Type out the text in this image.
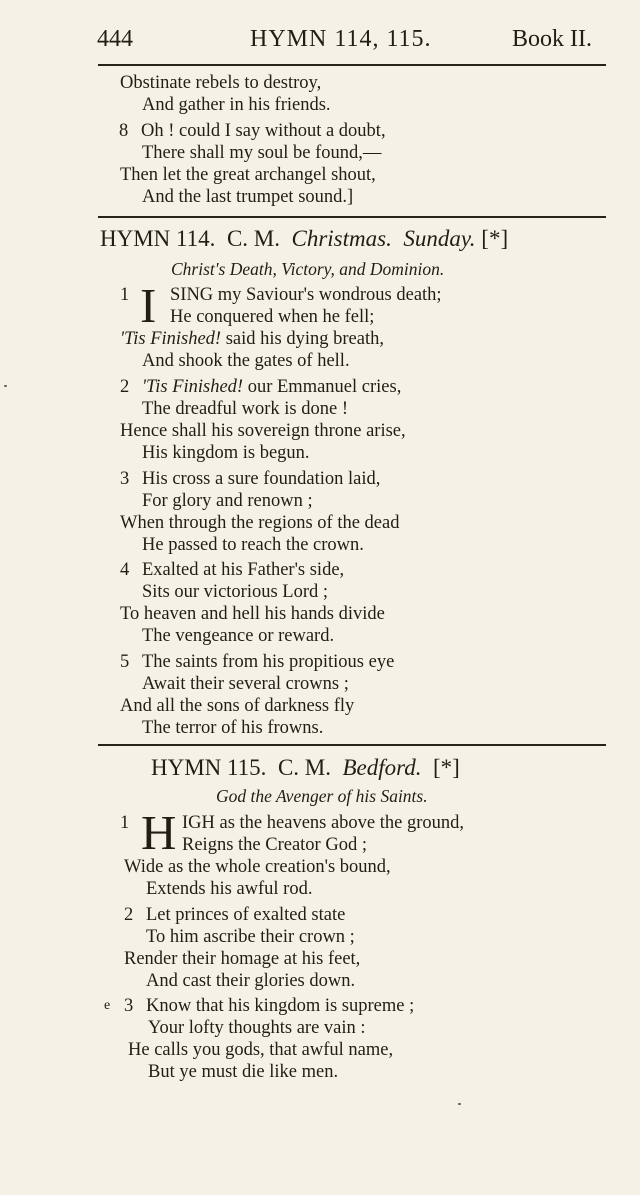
444	HYMN 114, 115.	Book II.
Obstinate rebels to destroy,
And gather in his friends.
8 Oh ! could I say without a doubt,
There shall my soul be found,—
Then let the great archangel shout,
And the last trumpet sound.]
HYMN 114. C. M. Christmas. Sunday. [*]
Christ's Death, Victory, and Dominion.
1 I SING my Saviour's wondrous death;
He conquered when he fell;
'Tis Finished! said his dying breath,
And shook the gates of hell.
2 'Tis Finished! our Emmanuel cries,
The dreadful work is done !
Hence shall his sovereign throne arise,
His kingdom is begun.
3 His cross a sure foundation laid,
For glory and renown ;
When through the regions of the dead
He passed to reach the crown.
4 Exalted at his Father's side,
Sits our victorious Lord ;
To heaven and hell his hands divide
The vengeance or reward.
5 The saints from his propitious eye
Await their several crowns ;
And all the sons of darkness fly
The terror of his frowns.
HYMN 115. C. M. Bedford. [*]
God the Avenger of his Saints.
1 H IGH as the heavens above the ground,
Reigns the Creator God ;
Wide as the whole creation's bound,
Extends his awful rod.
2 Let princes of exalted state
To him ascribe their crown ;
Render their homage at his feet,
And cast their glories down.
e 3 Know that his kingdom is supreme ;
Your lofty thoughts are vain :
He calls you gods, that awful name,
But ye must die like men.
